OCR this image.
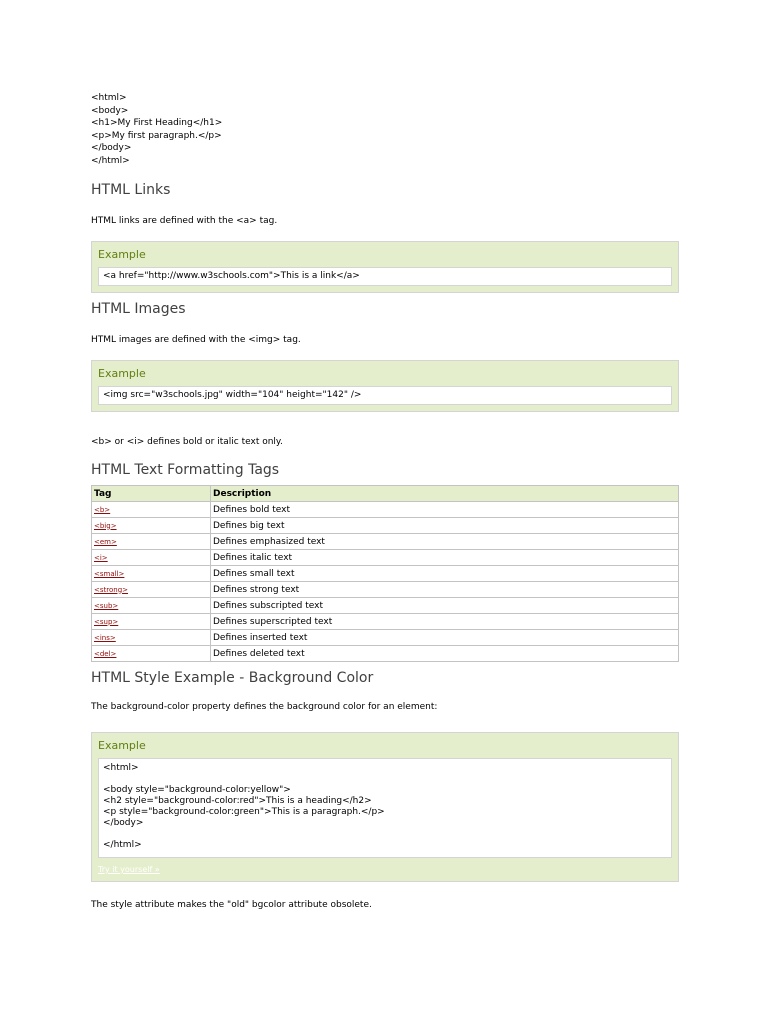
<html>
<body>
<h1>My First Heading</h1>
<p>My first paragraph.</p>
</body>
</html>
HTML Links

HTML links are defined with the <a> tag.

Example
<a href="http://www.w3schools.com">This is a link</a>
HTML Images

HTML images are defined with the <img> tag.

Example
<img src="w3schools.jpg" width="104" height="142" />

<b> or <i> defines bold or italic text only.

HTML Text Formatting Tags
Tag	Description
<b>	Defines bold text
<big>	Defines big text
<em>	Defines emphasized text
<i>	Defines italic text
<small>	Defines small text
<strong>	Defines strong text
<sub>	Defines subscripted text
<sup>	Defines superscripted text
<ins>	Defines inserted text
<del>	Defines deleted text
HTML Style Example - Background Color

The background-color property defines the background color for an element:

Example
<html>

<body style="background-color:yellow">
<h2 style="background-color:red">This is a heading</h2>
<p style="background-color:green">This is a paragraph.</p>
</body>

</html>
Try it yourself »

The style attribute makes the "old" bgcolor attribute obsolete.
